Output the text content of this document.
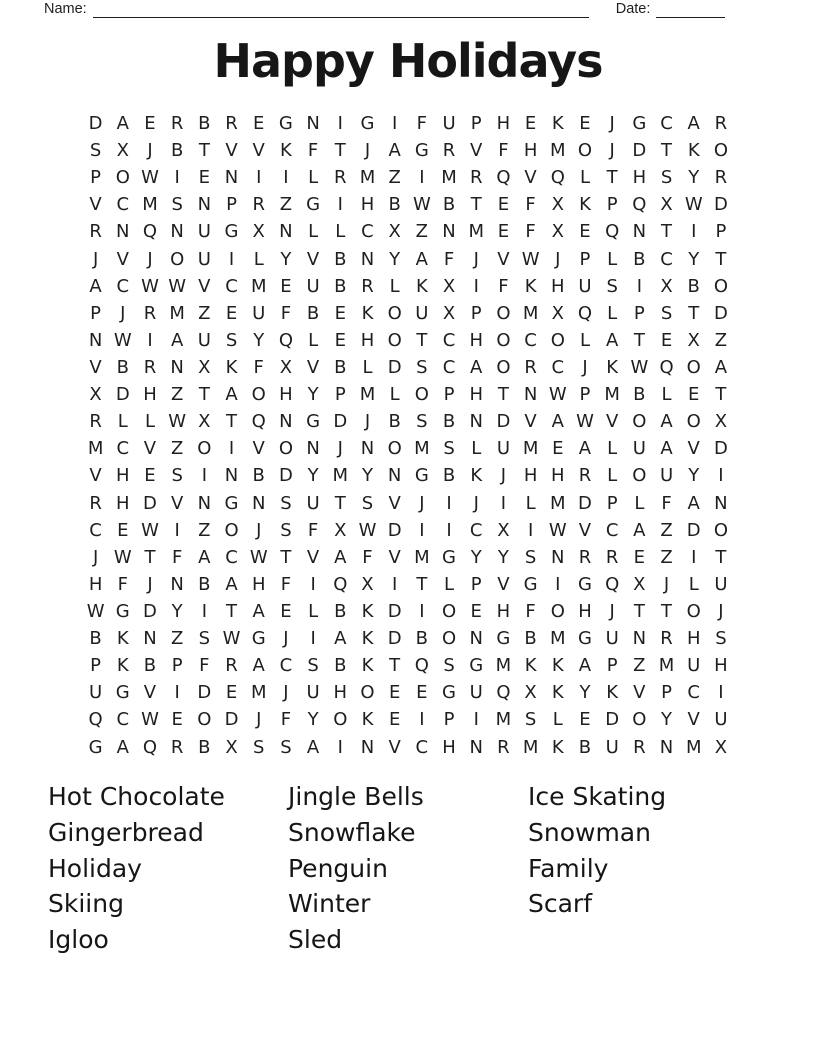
Name:	Date:
Happy Holidays
D A E R B R E G N I G I	F U P H E K E	J G C A R
S X	J	B T V V K F T	J	A G R V F H M O J D T K O
P O W I	E N I	I	L R M Z	I M R Q V Q L T H S Y R
V C M S N P R Z G I H B W B T E F X K P Q X W D
R N Q N U G X N L L C X Z N M E F X E Q N T	I	P
J	V	J O U I	L Y V B N Y A F	J	V W J	P L B C Y T
A C W W V C M E U B R L K X	I	F K H U S	I	X B O
P	J	R M Z E U F B E K O U X P O M X Q L P S T D
N W I	A U S Y Q L E H O T C H O C O L A T E X Z
V B R N X K F X V B L D S C A O R C	J	K W Q O A
X D H Z T A O H Y P M L O P H T N W P M B L E T
R L L W X T Q N G D J	B S B N D V A W V O A O X
M C V Z O I	V O N J N O M S L U M E A L U A V D
V H E S	I N B D Y M Y N G B K	J H H R L O U Y	I
R H D V N G N S U T S V	J	I	J	I	L M D P L F A N
C E W I	Z O J	S F X W D I	I	C X	I W V C A Z D O
J W T F A C W T V A F V M G Y Y S N R R E Z	I	T
H F	J N B A H F	I Q X	I	T L P V G I G Q X	J	L U
W G D Y	I	T A E L B K D I O E H F O H J	T T O J
B K N Z S W G J	I	A K D B O N G B M G U N R H S
P K B P F R A C S B K T Q S G M K K A P Z M U H
U G V	I D E M J U H O E E G U Q X K Y K V P C	I
Q C W E O D J	F Y O K E	I	P	I M S L E D O Y V U
G A Q R B X S S A	I N V C H N R M K B U R N M X
Hot Chocolate
Gingerbread
Holiday
Skiing
Igloo
Jingle Bells
Snowflake
Penguin
Winter
Sled
Ice Skating
Snowman
Family
Scarf
